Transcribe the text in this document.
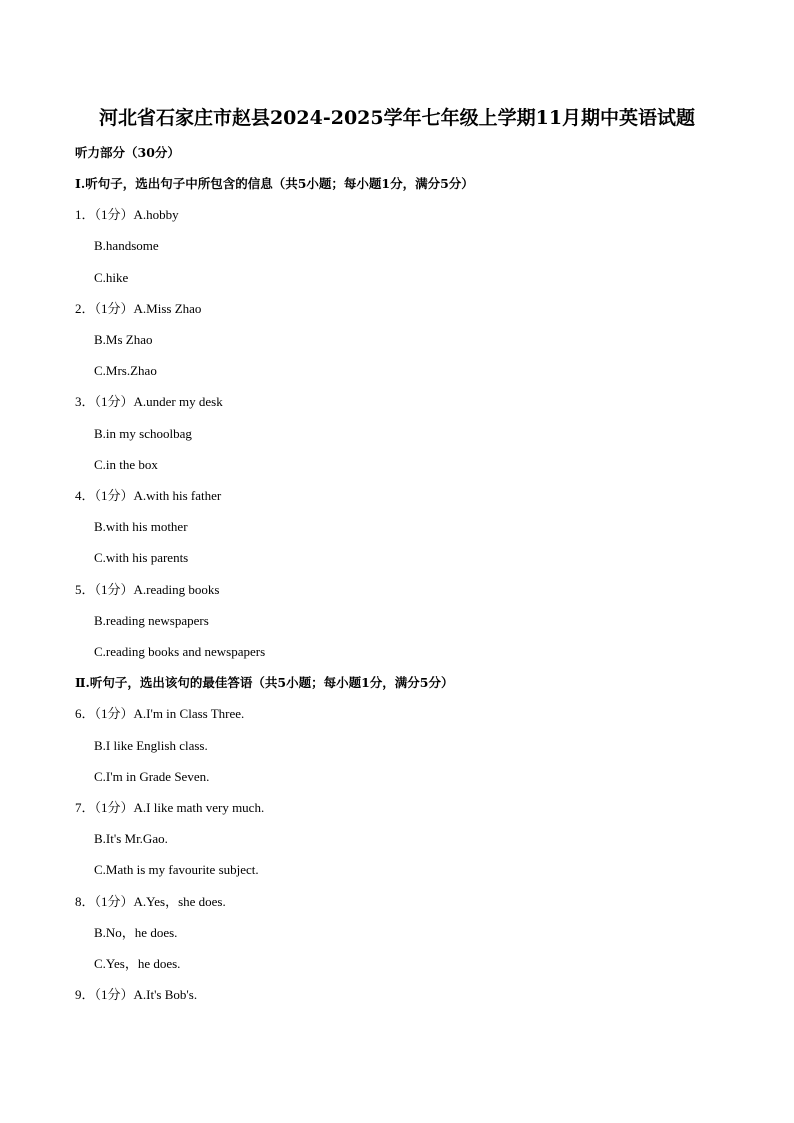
河北省石家庄市赵县2024-2025学年七年级上学期11月期中英语试题
听力部分（30分）
I.听句子，选出句子中所包含的信息（共5小题；每小题1分，满分5分）
1．（1分）A.hobby
B.handsome
C.hike
2．（1分）A.Miss Zhao
B.Ms Zhao
C.Mrs.Zhao
3．（1分）A.under my desk
B.in my schoolbag
C.in the box
4．（1分）A.with his father
B.with his mother
C.with his parents
5．（1分）A.reading books
B.reading newspapers
C.reading books and newspapers
Ⅱ.听句子，选出该句的最佳答语（共5小题；每小题1分，满分5分）
6．（1分）A.I'm in Class Three.
B.I like English class.
C.I'm in Grade Seven.
7．（1分）A.I like math very much.
B.It's Mr.Gao.
C.Math is my favourite subject.
8．（1分）A.Yes，she does.
B.No，he does.
C.Yes，he does.
9．（1分）A.It's Bob's.
